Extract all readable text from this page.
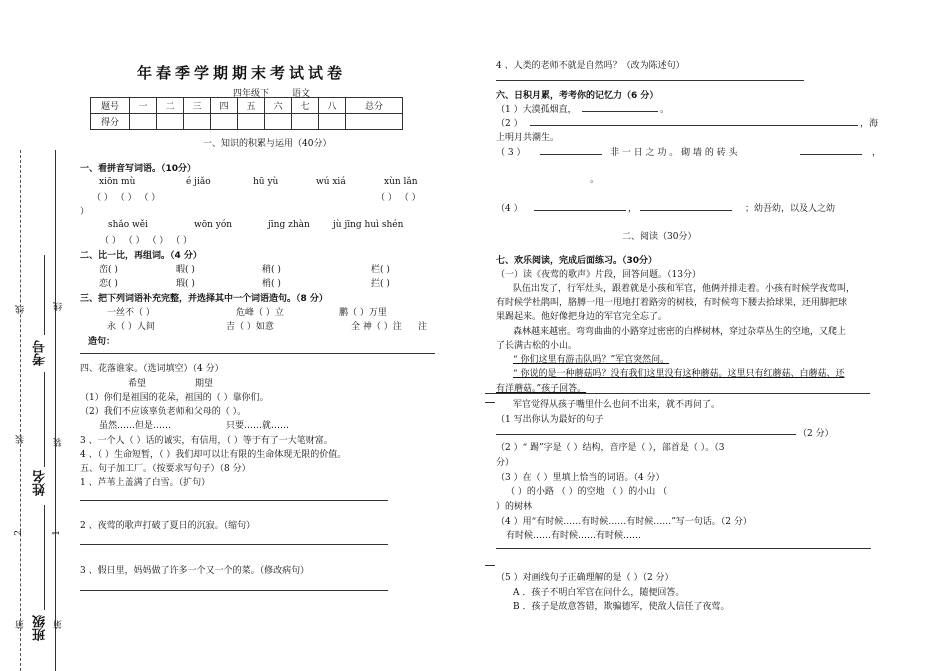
线	线
装	装
第	第
2	1
考号
姓名
班级
年春季学期期末考试试卷
四年级下	语文
题号	一	二	三	四	五	六	七	八	总分
得分									
一、知识的积累与运用（40分）
一、看拼音写词语。（10分）
xiōn mù	é jiǎo	hū yù	wú xiá	xùn lǎn
（ ） （ ） （ ）	（ ） （ ）
）
shǎo wěi	wōn yón	jīng zhàn	jù jīng huì shén
（ ） （ ） （ ） （ ）
二、比一比，再组词。（4 分）
峦( )	暇( )	稍( )	栏( )
恋( )	瑕( )	梢( )	拦( )
三、把下列词语补充完整，并选择其中一个词语造句。（8 分）
一丝不（ ）	危峰（ ）立	鹏（ ）万里
永（ ）人间	吉（ ）如意	全 神（ ）注 注
造句：
四、花落谁家。（选词填空）（4 分）
希望	期望
（1）你们是祖国的花朵，祖国的（ ）靠你们。
（2）我们不应该辜负老师和父母的（ ）。
虽然……但是……	只要……就……
3 、一个人（ ）话的诚实，有信用，（ ）等于有了一大笔财富。
4 、（ ）生命短暂，（ ）我们却可以让有限的生命体现无限的价值。
五、句子加工厂。（按要求写句子）（8 分）
1 、芦苇上盖满了白雪。（扩句）
2 、夜莺的歌声打破了夏日的沉寂。（缩句）
3 、假日里，妈妈做了许多一个又一个的菜。（修改病句）
4 、人类的老师不就是自然吗？（改为陈述句）
六、日积月累，考考你的记忆力（6 分）
（1 ）大漠孤烟直，	。
（2 ）	，海
上明月共潮生。
（ 3 ）	非 一 日 之 功 。 砌 墙 的 砖 头	，
。
（4 ）	，	；幼吾幼，以及人之幼
二、阅读（30分）
七、欢乐阅读，完成后面练习。（30分）
（一）读《夜莺的歌声》片段，回答问题。（13分）
队伍出发了，行军灶头，跟着就是小孩和军官，他俩并排走着。小孩有时候学夜莺叫，
有时候学杜鹃叫，胳膊一甩一甩地打着路旁的树枝，有时候弯下腰去拾球果，还用脚把球
果踢起来。他好像把身边的军官完全忘了。
森林越来越密。弯弯曲曲的小路穿过密密的白桦树林，穿过杂草丛生的空地，又爬上
了长满古松的小山。
“ 你们这里有游击队吗？”军官突然问。
“ 你说的是一种蘑菇吗？没有我们这里没有这种蘑菇。这里只有红蘑菇、白蘑菇、还
有洋蘑菇。”孩子回答。
军官觉得从孩子嘴里什么也问不出来，就不再问了。
（1 写出你认为最好的句子
（2 分）
（2 ）“ 踢”字是（ ）结构，音序是（ ），部首是（ ）。（3
分）
（3 ）在（ ）里填上恰当的词语。（4 分）
（ ）的小路 （ ）的空地 （ ）的小山 （
）的树林
（4 ）用“有时候……有时候……有时候……”写一句话。（2 分）
有时候……有时候……有时候……
（5 ）对画线句子正确理解的是（ ）（2 分）
A ．孩子不明白军官在问什么，随便回答。
B ．孩子是故意答错，欺骗德军，使敌人信任了夜莺。
